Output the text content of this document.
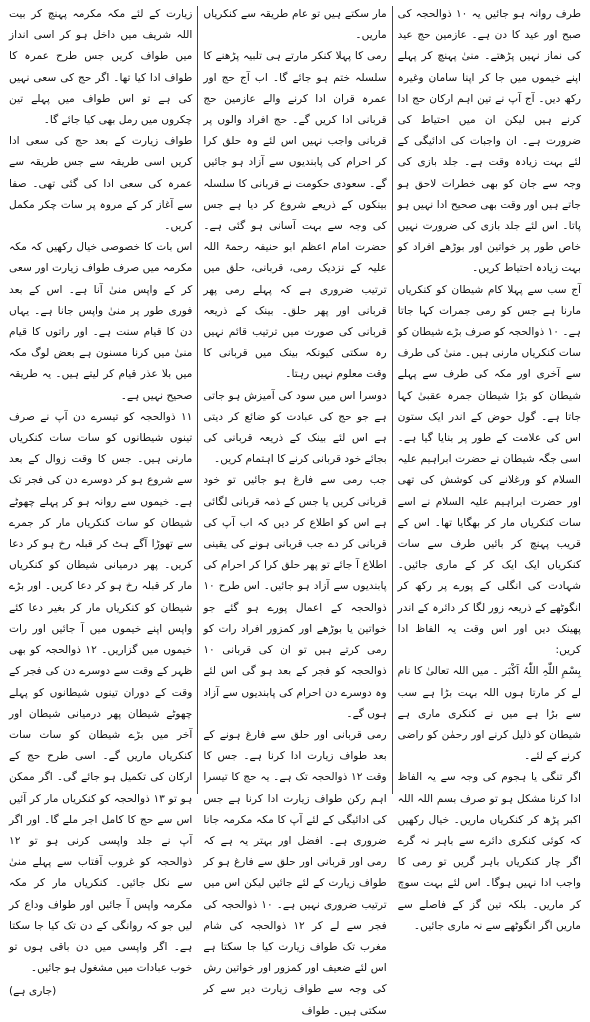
طرف روانہ ہو جائیں یہ ۱۰ ذوالحجہ کی صبح اور عید کا دن ہے۔ عازمین حج عید کی نماز نہیں پڑھتے۔ منیٰ پہنچ کر پہلے اپنے خیموں میں جا کر اپنا سامان وغیرہ رکھ دیں۔ آج آپ نے تین اہم ارکان حج ادا کرنے ہیں لیکن ان میں احتیاط کی ضرورت ہے۔ ان واجبات کی ادائیگی کے لئے بہت زیادہ وقت ہے۔ جلد بازی کی وجہ سے جان کو بھی خطرات لاحق ہو جاتے ہیں اور وقت بھی صحیح ادا نہیں ہو پاتا۔ اس لئے جلد بازی کی ضرورت نہیں خاص طور پر خواتین اور بوڑھے افراد کو بہت زیادہ احتیاط کریں۔

آج سب سے پہلا کام شیطان کو کنکریاں مارنا ہے جس کو رمی جمرات کہا جاتا ہے۔ ۱۰ ذوالحجہ کو صرف بڑے شیطان کو سات کنکریاں مارنی ہیں۔ منیٰ کی طرف سے آخری اور مکہ کی طرف سے پہلے شیطان کو بڑا شیطان جمرہ عقبیٰ کہا جاتا ہے۔ گول حوض کے اندر ایک ستون اس کی علامت کے طور پر بنایا گیا ہے۔ اسی جگہ شیطان نے حضرت ابراہیم علیہ السلام کو ورغلانے کی کوشش کی تھی اور حضرت ابراہیم علیہ السلام نے اسے سات کنکریاں مار کر بھگایا تھا۔ اس کے قریب پہنچ کر بائیں طرف سے سات کنکریاں ایک ایک کر کے ماری جائیں۔ شہادت کی انگلی کے پورے پر رکھ کر انگوٹھے کے ذریعہ زور لگا کر دائرہ کے اندر پھینک دیں اور اس وقت یہ الفاظ ادا کریں:

بِسْمِ اللّٰہِ اللّٰہُ اَکْبَر ۔ میں اللہ تعالیٰ کا نام لے کر مارتا ہوں اللہ بہت بڑا ہے سب سے بڑا ہے میں نے کنکری ماری ہے شیطان کو ذلیل کرنے اور رحمٰن کو راضی کرنے کے لئے۔

اگر تنگی یا ہجوم کی وجہ سے یہ الفاظ ادا کرنا مشکل ہو تو صرف بسم اللہ اللہ اکبر پڑھ کر کنکریاں ماریں۔ خیال رکھیں کہ کوئی کنکری دائرے سے باہر نہ گرے اگر چار کنکریاں باہر گریں تو رمی کا واجب ادا نہیں ہوگا۔ اس لئے بہت سوچ کر ماریں۔ بلکہ تین گز کے فاصلے سے ماریں اگر انگوٹھے سے نہ ماری جائیں۔

مار سکتے ہیں تو عام طریقہ سے کنکریاں ماریں۔

رمی کا پہلا کنکر مارتے ہی تلبیہ پڑھنے کا سلسلہ ختم ہو جائے گا۔ اب آج حج اور عمرہ قران ادا کرنے والے عازمین حج قربانی ادا کریں گے۔ حج افراد والوں پر قربانی واجب نہیں اس لئے وہ حلق کرا کر احرام کی پابندیوں سے آزاد ہو جائیں گے۔ سعودی حکومت نے قربانی کا سلسلہ بینکوں کے ذریعے شروع کر دیا ہے جس کی وجہ سے بہت آسانی ہو گئی ہے۔ حضرت امام اعظم ابو حنیفہ رحمۃ اللہ علیہ کے نزدیک رمی، قربانی، حلق میں ترتیب ضروری ہے کہ پہلے رمی پھر قربانی اور پھر حلق۔ بینک کے ذریعہ قربانی کی صورت میں ترتیب قائم نہیں رہ سکتی کیونکہ بینک میں قربانی کا وقت معلوم نہیں رہتا۔

دوسرا اس میں سود کی آمیزش ہو جاتی ہے جو حج کی عبادت کو ضائع کر دیتی ہے اس لئے بینک کے ذریعہ قربانی کی بجائے خود قربانی کرنے کا اہتمام کریں۔

جب رمی سے فارغ ہو جائیں تو خود قربانی کریں یا جس کے ذمہ قربانی لگائی ہے اس کو اطلاع کر دیں کہ اب آپ کی قربانی کر دے جب قربانی ہونے کی یقینی اطلاع آ جائے تو پھر حلق کرا کر احرام کی پابندیوں سے آزاد ہو جائیں۔ اس طرح ۱۰ ذوالحجہ کے اعمال پورے ہو گئے جو خواتین یا بوڑھے اور کمزور افراد رات کو رمی کرتے ہیں تو ان کی قربانی ۱۰ ذوالحجہ کو فجر کے بعد ہو گی اس لئے وہ دوسرے دن احرام کی پابندیوں سے آزاد ہوں گے۔

رمی قربانی اور حلق سے فارغ ہونے کے بعد طواف زیارت ادا کرنا ہے۔ جس کا وقت ۱۲ ذوالحجہ تک ہے۔ یہ حج کا تیسرا اہم رکن طواف زیارت ادا کرنا ہے جس کی ادائیگی کے لئے آپ کا مکہ مکرمہ جانا ضروری ہے۔ افضل اور بہتر یہ ہے کہ رمی اور قربانی اور حلق سے فارغ ہو کر طواف زیارت کے لئے جائیں لیکن اس میں ترتیب ضروری نہیں ہے۔ ۱۰ ذوالحجہ کی فجر سے لے کر ۱۲ ذوالحجہ کی شام مغرب تک طواف زیارت کیا جا سکتا ہے اس لئے ضعیف اور کمزور اور خواتین رش کی وجہ سے طواف زیارت دیر سے کر سکتی ہیں۔ طواف

زیارت کے لئے مکہ مکرمہ پہنچ کر بیت اللہ شریف میں داخل ہو کر اسی انداز میں طواف کریں جس طرح عمرہ کا طواف ادا کیا تھا۔ اگر حج کی سعی نہیں کی ہے تو اس طواف میں پہلے تین چکروں میں رمل بھی کیا جائے گا۔

طواف زیارت کے بعد حج کی سعی ادا کریں اسی طریقہ سے جس طریقہ سے عمرہ کی سعی ادا کی گئی تھی۔ صفا سے آغاز کر کے مروہ پر سات چکر مکمل کریں۔

اس بات کا خصوصی خیال رکھیں کہ مکہ مکرمہ میں صرف طواف زیارت اور سعی کر کے واپس منیٰ آنا ہے۔ اس کے بعد فوری طور پر منیٰ واپس جانا ہے۔ یہاں دن کا قیام سنت ہے۔ اور راتوں کا قیام منیٰ میں کرنا مسنون ہے بعض لوگ مکہ میں بلا عذر قیام کر لیتے ہیں۔ یہ طریقہ صحیح نہیں ہے۔

۱۱ ذوالحجہ کو تیسرے دن آپ نے صرف تینوں شیطانوں کو سات سات کنکریاں مارنی ہیں۔ جس کا وقت زوال کے بعد سے شروع ہو کر دوسرے دن کی فجر تک ہے۔ خیموں سے روانہ ہو کر پہلے چھوٹے شیطان کو سات کنکریاں مار کر جمرے سے تھوڑا آگے ہٹ کر قبلہ رخ ہو کر دعا کریں۔ پھر درمیانی شیطان کو کنکریاں مار کر قبلہ رخ ہو کر دعا کریں۔ اور بڑے شیطان کو کنکریاں مار کر بغیر دعا کئے واپس اپنے خیموں میں آ جائیں اور رات خیموں میں گزاریں۔ ۱۲ ذوالحجہ کو بھی ظہر کے وقت سے دوسرے دن کی فجر کے وقت کے دوران تینوں شیطانوں کو پہلے چھوٹے شیطان پھر درمیانی شیطان اور آخر میں بڑے شیطان کو سات سات کنکریاں ماریں گے۔ اسی طرح حج کے ارکان کی تکمیل ہو جائے گی۔ اگر ممکن ہو تو ۱۳ ذوالحجہ کو کنکریاں مار کر آئیں اس سے حج کا کامل اجر ملے گا۔ اور اگر آپ نے جلد واپسی کرنی ہو تو ۱۲ ذوالحجہ کو غروب آفتاب سے پہلے منیٰ سے نکل جائیں۔ کنکریاں مار کر مکہ مکرمہ واپس آ جائیں اور طواف وداع کر لیں جو کہ روانگی کے دن تک کیا جا سکتا ہے۔ اگر واپسی میں دن باقی ہوں تو خوب عبادات میں مشغول ہو جائیں۔

(جاری ہے)
